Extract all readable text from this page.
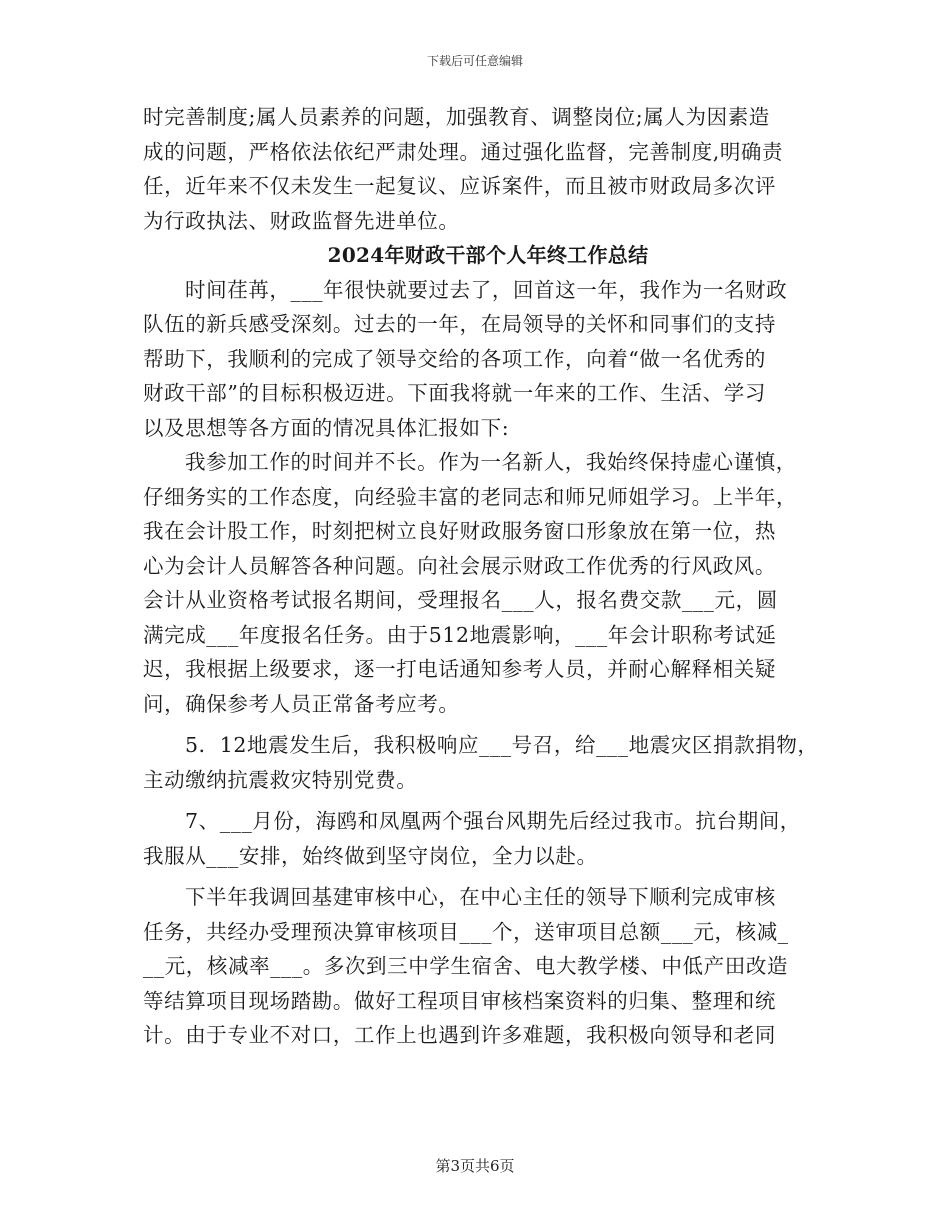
下载后可任意编辑
时完善制度;属人员素养的问题，加强教育、调整岗位;属人为因素造
成的问题，严格依法依纪严肃处理。通过强化监督，完善制度,明确责
任，近年来不仅未发生一起复议、应诉案件，而且被市财政局多次评
为行政执法、财政监督先进单位。
2024年财政干部个人年终工作总结
时间荏苒，___年很快就要过去了，回首这一年，我作为一名财政
队伍的新兵感受深刻。过去的一年，在局领导的关怀和同事们的支持
帮助下，我顺利的完成了领导交给的各项工作，向着“做一名优秀的
财政干部”的目标积极迈进。下面我将就一年来的工作、生活、学习
以及思想等各方面的情况具体汇报如下:
我参加工作的时间并不长。作为一名新人，我始终保持虚心谨慎，
仔细务实的工作态度，向经验丰富的老同志和师兄师姐学习。上半年，
我在会计股工作，时刻把树立良好财政服务窗口形象放在第一位，热
心为会计人员解答各种问题。向社会展示财政工作优秀的行风政风。
会计从业资格考试报名期间，受理报名___人，报名费交款___元，圆
满完成___年度报名任务。由于512地震影响，___年会计职称考试延
迟，我根据上级要求，逐一打电话通知参考人员，并耐心解释相关疑
问，确保参考人员正常备考应考。
5．12地震发生后，我积极响应___号召，给___地震灾区捐款捐物，
主动缴纳抗震救灾特别党费。
7、___月份，海鸥和凤凰两个强台风期先后经过我市。抗台期间，
我服从___安排，始终做到坚守岗位，全力以赴。
下半年我调回基建审核中心，在中心主任的领导下顺利完成审核
任务，共经办受理预决算审核项目___个，送审项目总额___元，核减_
__元，核减率___。多次到三中学生宿舍、电大教学楼、中低产田改造
等结算项目现场踏勘。做好工程项目审核档案资料的归集、整理和统
计。由于专业不对口，工作上也遇到许多难题，我积极向领导和老同
第3页共6页
